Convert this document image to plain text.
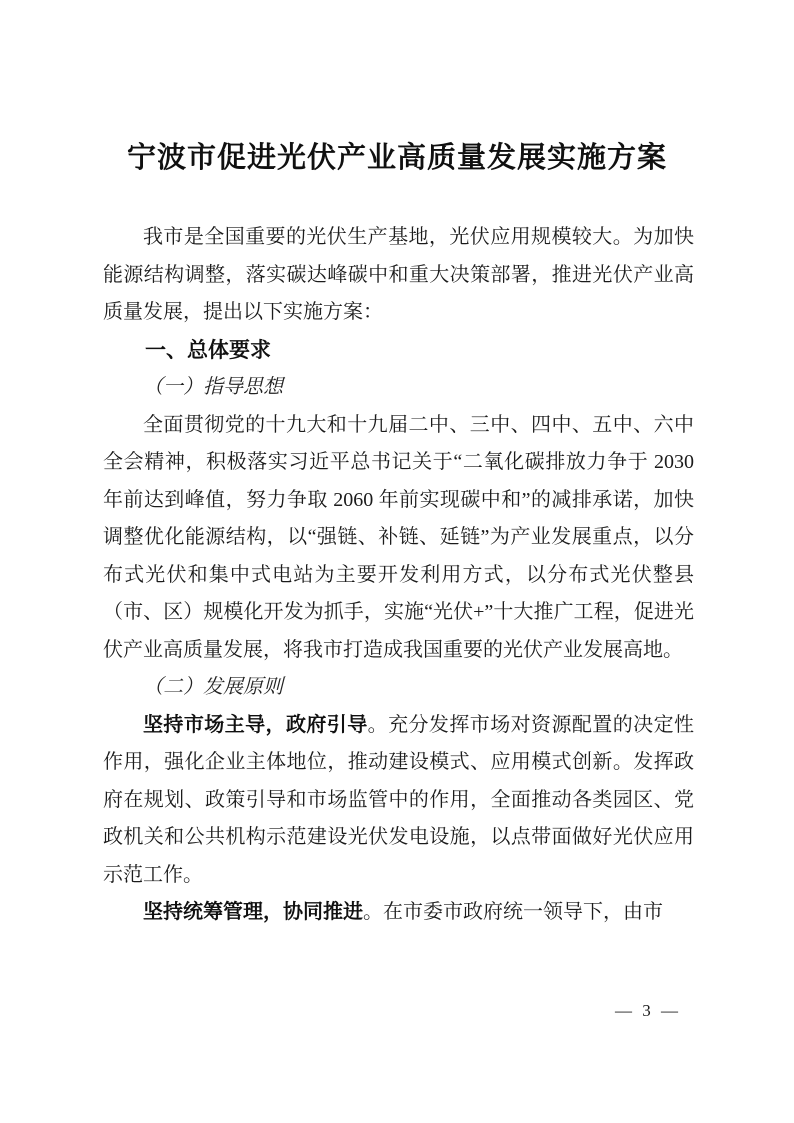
宁波市促进光伏产业高质量发展实施方案

我市是全国重要的光伏生产基地，光伏应用规模较大。为加快能源结构调整，落实碳达峰碳中和重大决策部署，推进光伏产业高质量发展，提出以下实施方案：

一、总体要求
（一）指导思想

全面贯彻党的十九大和十九届二中、三中、四中、五中、六中全会精神，积极落实习近平总书记关于“二氧化碳排放力争于 2030 年前达到峰值，努力争取 2060 年前实现碳中和”的减排承诺，加快调整优化能源结构，以“强链、补链、延链”为产业发展重点，以分布式光伏和集中式电站为主要开发利用方式，以分布式光伏整县（市、区）规模化开发为抓手，实施“光伏+”十大推广工程，促进光伏产业高质量发展，将我市打造成我国重要的光伏产业发展高地。

（二）发展原则

坚持市场主导，政府引导。充分发挥市场对资源配置的决定性作用，强化企业主体地位，推动建设模式、应用模式创新。发挥政府在规划、政策引导和市场监管中的作用，全面推动各类园区、党政机关和公共机构示范建设光伏发电设施，以点带面做好光伏应用示范工作。

坚持统筹管理，协同推进。在市委市政府统一领导下，由市

— 3 —
